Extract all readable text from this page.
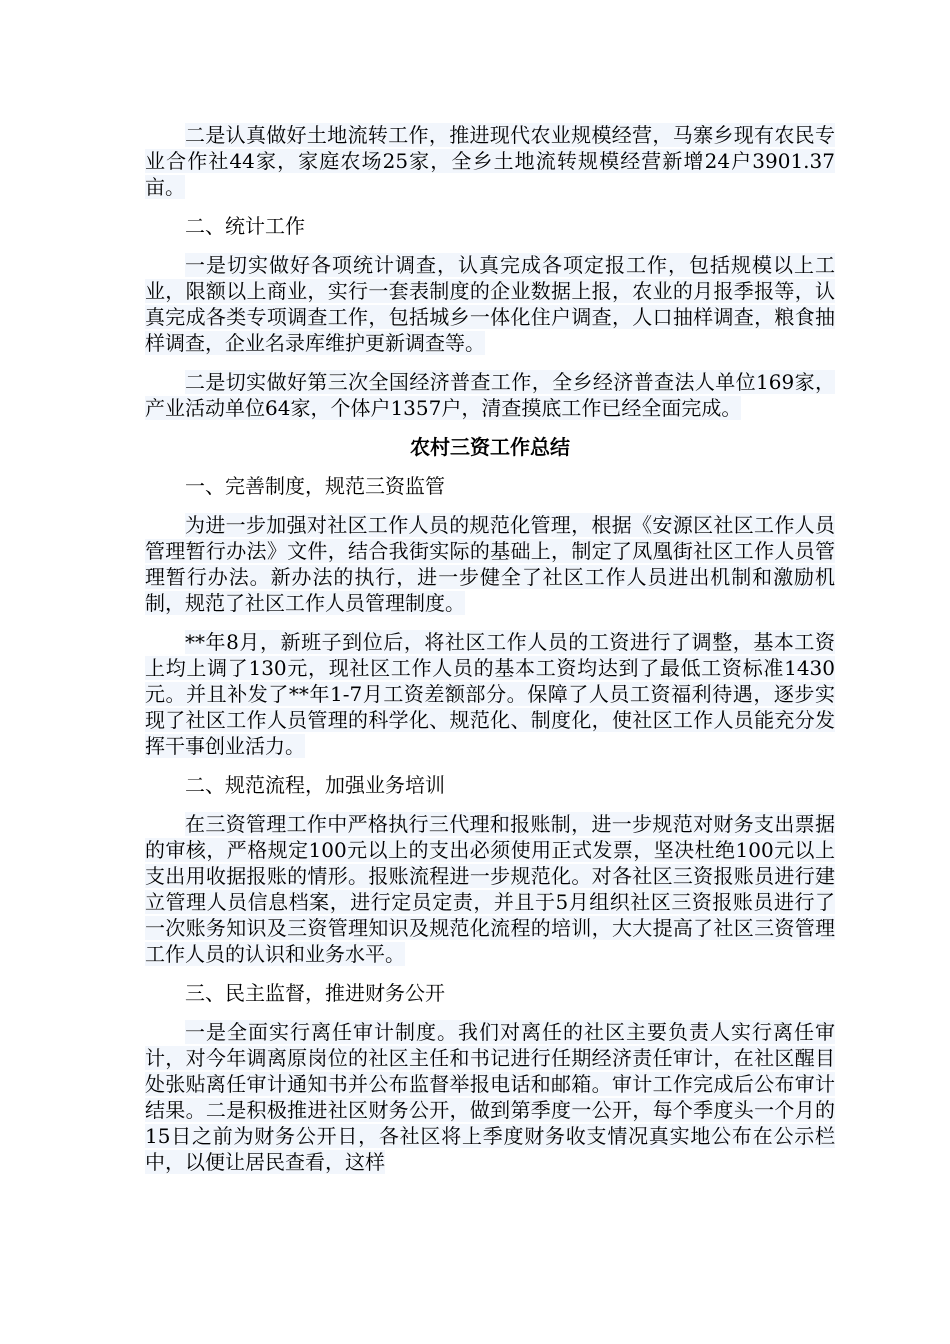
二是认真做好土地流转工作，推进现代农业规模经营，马寨乡现有农民专业合作社44家，家庭农场25家，全乡土地流转规模经营新增24户3901.37亩。

二、统计工作

一是切实做好各项统计调查，认真完成各项定报工作，包括规模以上工业，限额以上商业，实行一套表制度的企业数据上报，农业的月报季报等，认真完成各类专项调查工作，包括城乡一体化住户调查，人口抽样调查，粮食抽样调查，企业名录库维护更新调查等。

二是切实做好第三次全国经济普查工作，全乡经济普查法人单位169家，产业活动单位64家，个体户1357户，清查摸底工作已经全面完成。

农村三资工作总结

一、完善制度，规范三资监管

为进一步加强对社区工作人员的规范化管理，根据《安源区社区工作人员管理暂行办法》文件，结合我街实际的基础上，制定了凤凰街社区工作人员管理暂行办法。新办法的执行，进一步健全了社区工作人员进出机制和激励机制，规范了社区工作人员管理制度。

**年8月，新班子到位后，将社区工作人员的工资进行了调整，基本工资上均上调了130元，现社区工作人员的基本工资均达到了最低工资标准1430元。并且补发了**年1-7月工资差额部分。保障了人员工资福利待遇，逐步实现了社区工作人员管理的科学化、规范化、制度化，使社区工作人员能充分发挥干事创业活力。

二、规范流程，加强业务培训

在三资管理工作中严格执行三代理和报账制，进一步规范对财务支出票据的审核，严格规定100元以上的支出必须使用正式发票，坚决杜绝100元以上支出用收据报账的情形。报账流程进一步规范化。对各社区三资报账员进行建立管理人员信息档案，进行定员定责，并且于5月组织社区三资报账员进行了一次账务知识及三资管理知识及规范化流程的培训，大大提高了社区三资管理工作人员的认识和业务水平。

三、民主监督，推进财务公开

一是全面实行离任审计制度。我们对离任的社区主要负责人实行离任审计，对今年调离原岗位的社区主任和书记进行任期经济责任审计，在社区醒目处张贴离任审计通知书并公布监督举报电话和邮箱。审计工作完成后公布审计结果。二是积极推进社区财务公开，做到第季度一公开，每个季度头一个月的15日之前为财务公开日，各社区将上季度财务收支情况真实地公布在公示栏中，以便让居民查看，这样
